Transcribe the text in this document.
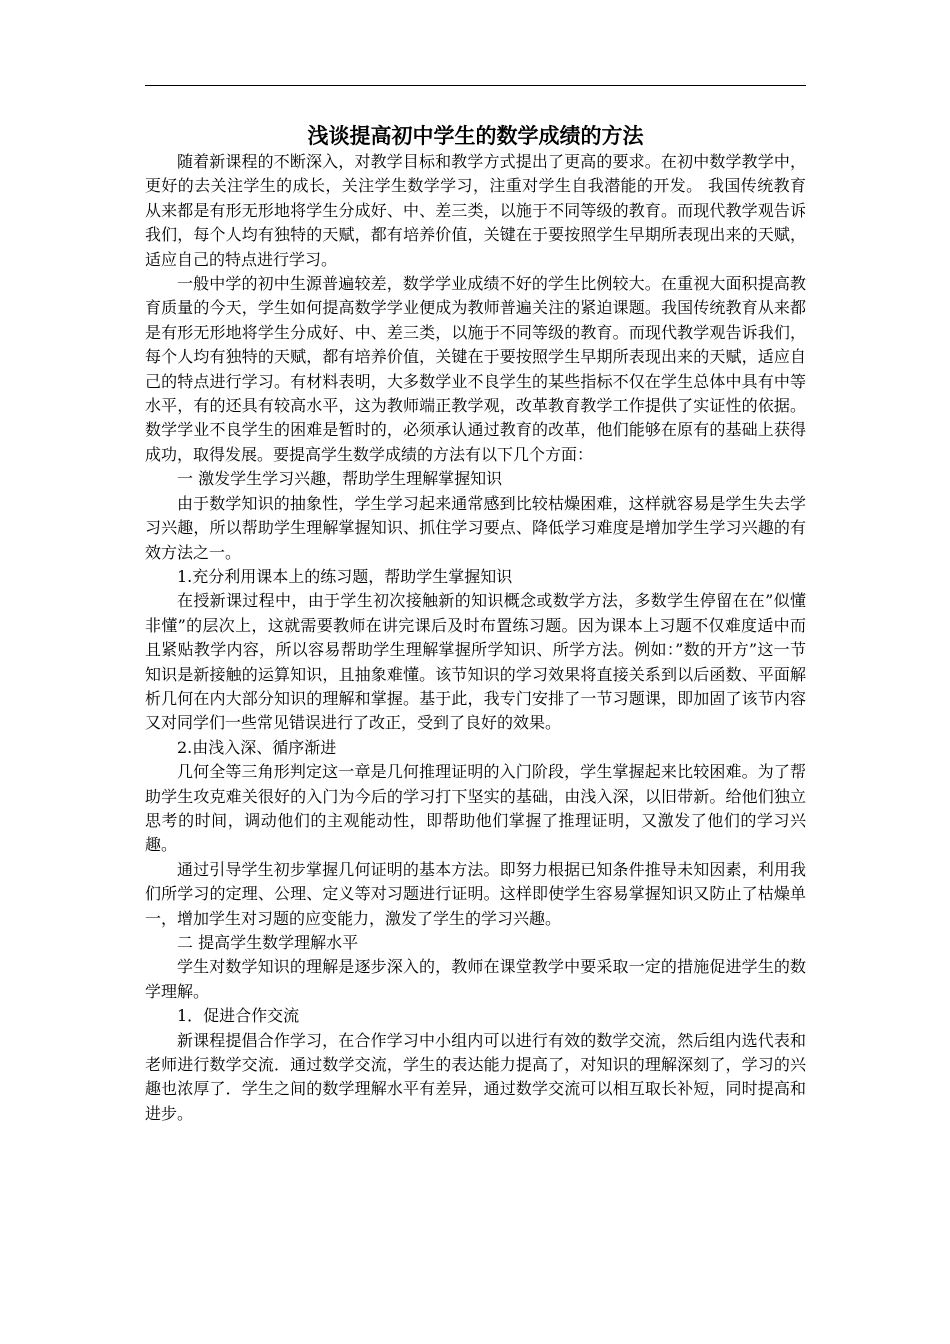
浅谈提高初中学生的数学成绩的方法

随着新课程的不断深入，对教学目标和教学方式提出了更高的要求。在初中数学教学中，更好的去关注学生的成长，关注学生数学学习，注重对学生自我潜能的开发。 我国传统教育从来都是有形无形地将学生分成好、中、差三类，以施于不同等级的教育。而现代教学观告诉我们，每个人均有独特的天赋，都有培养价值，关键在于要按照学生早期所表现出来的天赋，适应自己的特点进行学习。

一般中学的初中生源普遍较差，数学学业成绩不好的学生比例较大。在重视大面积提高教育质量的今天，学生如何提高数学学业便成为教师普遍关注的紧迫课题。我国传统教育从来都是有形无形地将学生分成好、中、差三类，以施于不同等级的教育。而现代教学观告诉我们，每个人均有独特的天赋，都有培养价值，关键在于要按照学生早期所表现出来的天赋，适应自己的特点进行学习。有材料表明，大多数学业不良学生的某些指标不仅在学生总体中具有中等水平，有的还具有较高水平，这为教师端正教学观，改革教育教学工作提供了实证性的依据。数学学业不良学生的困难是暂时的，必须承认通过教育的改革，他们能够在原有的基础上获得成功，取得发展。要提高学生数学成绩的方法有以下几个方面：

一 激发学生学习兴趣，帮助学生理解掌握知识

由于数学知识的抽象性，学生学习起来通常感到比较枯燥困难，这样就容易是学生失去学习兴趣，所以帮助学生理解掌握知识、抓住学习要点、降低学习难度是增加学生学习兴趣的有效方法之一。

1.充分利用课本上的练习题，帮助学生掌握知识

在授新课过程中，由于学生初次接触新的知识概念或数学方法，多数学生停留在在”似懂非懂”的层次上，这就需要教师在讲完课后及时布置练习题。因为课本上习题不仅难度适中而且紧贴教学内容，所以容易帮助学生理解掌握所学知识、所学方法。例如：”数的开方”这一节知识是新接触的运算知识，且抽象难懂。该节知识的学习效果将直接关系到以后函数、平面解析几何在内大部分知识的理解和掌握。基于此，我专门安排了一节习题课，即加固了该节内容又对同学们一些常见错误进行了改正，受到了良好的效果。

2.由浅入深、循序渐进

几何全等三角形判定这一章是几何推理证明的入门阶段，学生掌握起来比较困难。为了帮助学生攻克难关很好的入门为今后的学习打下坚实的基础，由浅入深，以旧带新。给他们独立思考的时间，调动他们的主观能动性，即帮助他们掌握了推理证明，又激发了他们的学习兴趣。

通过引导学生初步掌握几何证明的基本方法。即努力根据已知条件推导未知因素，利用我们所学习的定理、公理、定义等对习题进行证明。这样即使学生容易掌握知识又防止了枯燥单一，增加学生对习题的应变能力，激发了学生的学习兴趣。

二 提高学生数学理解水平

学生对数学知识的理解是逐步深入的，教师在课堂教学中要采取一定的措施促进学生的数学理解。

1．促进合作交流

新课程提倡合作学习，在合作学习中小组内可以进行有效的数学交流，然后组内选代表和老师进行数学交流．通过数学交流，学生的表达能力提高了，对知识的理解深刻了，学习的兴趣也浓厚了．学生之间的数学理解水平有差异，通过数学交流可以相互取长补短，同时提高和进步。
